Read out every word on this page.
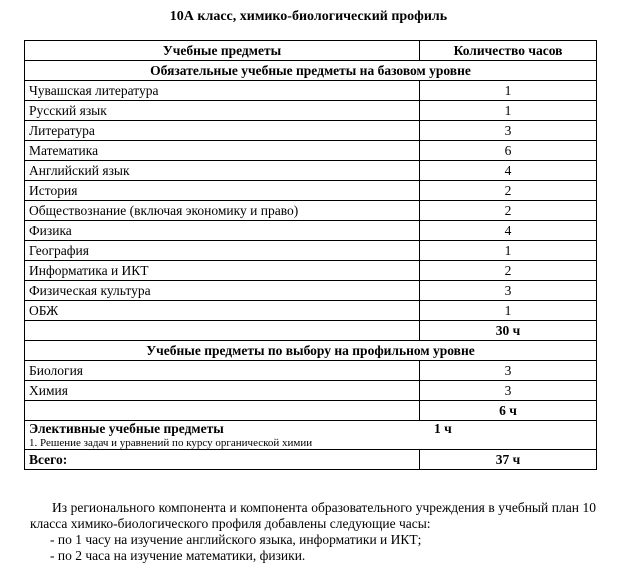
10А класс, химико-биологический профиль
Учебные предметы	Количество часов
Обязательные учебные предметы на базовом уровне	
Чувашская литература	1
Русский язык	1
Литература	3
Математика	6
Английский язык	4
История	2
Обществознание (включая экономику и право)	2
Физика	4
География	1
Информатика и ИКТ	2
Физическая культура	3
ОБЖ	1
	30 ч
Учебные предметы по выбору на профильном уровне	
Биология	3
Химия	3
	6 ч

Элективные учебные предметы 1 ч
1. Решение задач и уравнений по курсу органической химии	

Всего:	37 ч

Из регионального компонента и компонента образовательного учреждения в учебный план 10 класса химико-биологического профиля добавлены следующие часы:

- по 1 часу на изучение английского языка, информатики и ИКТ;
- по 2 часа на изучение математики, физики.
